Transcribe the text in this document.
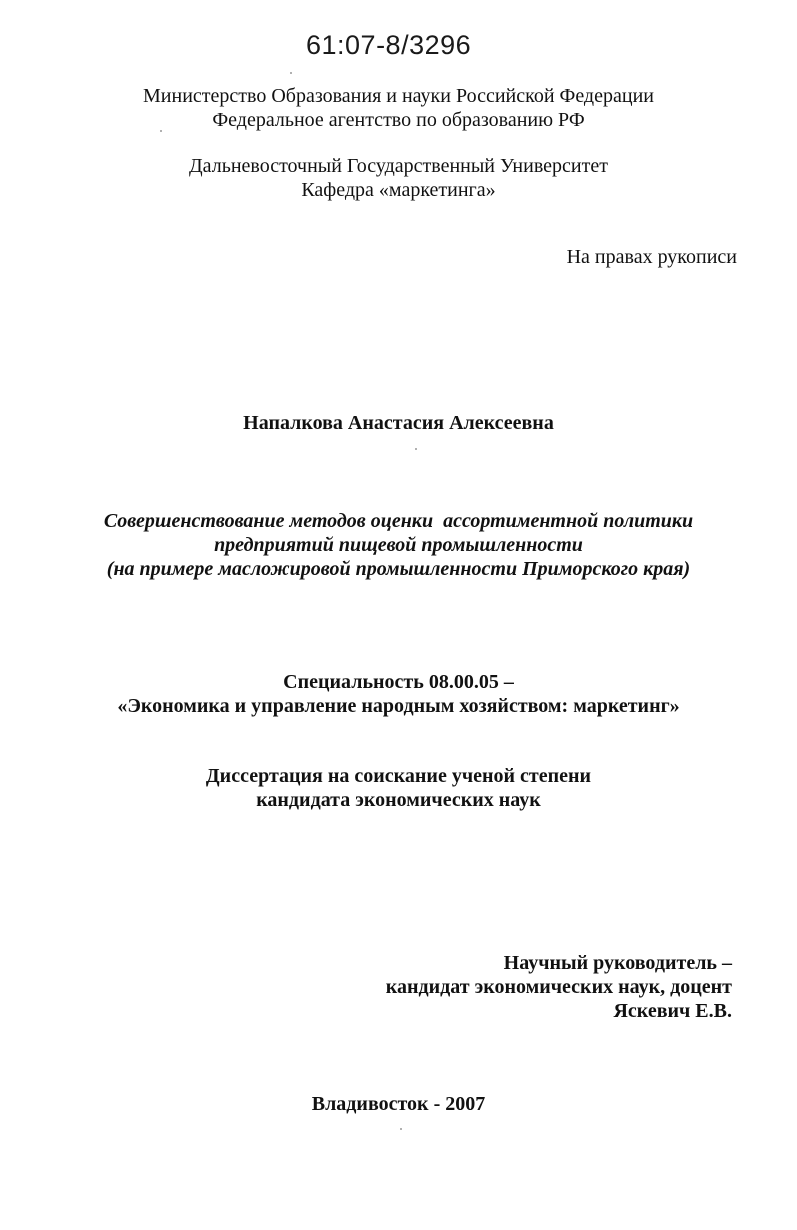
61:07-8/3296
Министерство Образования и науки Российской Федерации
Федеральное агентство по образованию РФ
Дальневосточный Государственный Университет
Кафедра «маркетинга»
На правах рукописи
Напалкова Анастасия Алексеевна
Совершенствование методов оценки  ассортиментной политики
предприятий пищевой промышленности
(на примере масложировой промышленности Приморского края)
Специальность 08.00.05 –
«Экономика и управление народным хозяйством: маркетинг»
Диссертация на соискание ученой степени
кандидата экономических наук
Научный руководитель –
кандидат экономических наук, доцент
Яскевич Е.В.
Владивосток - 2007
